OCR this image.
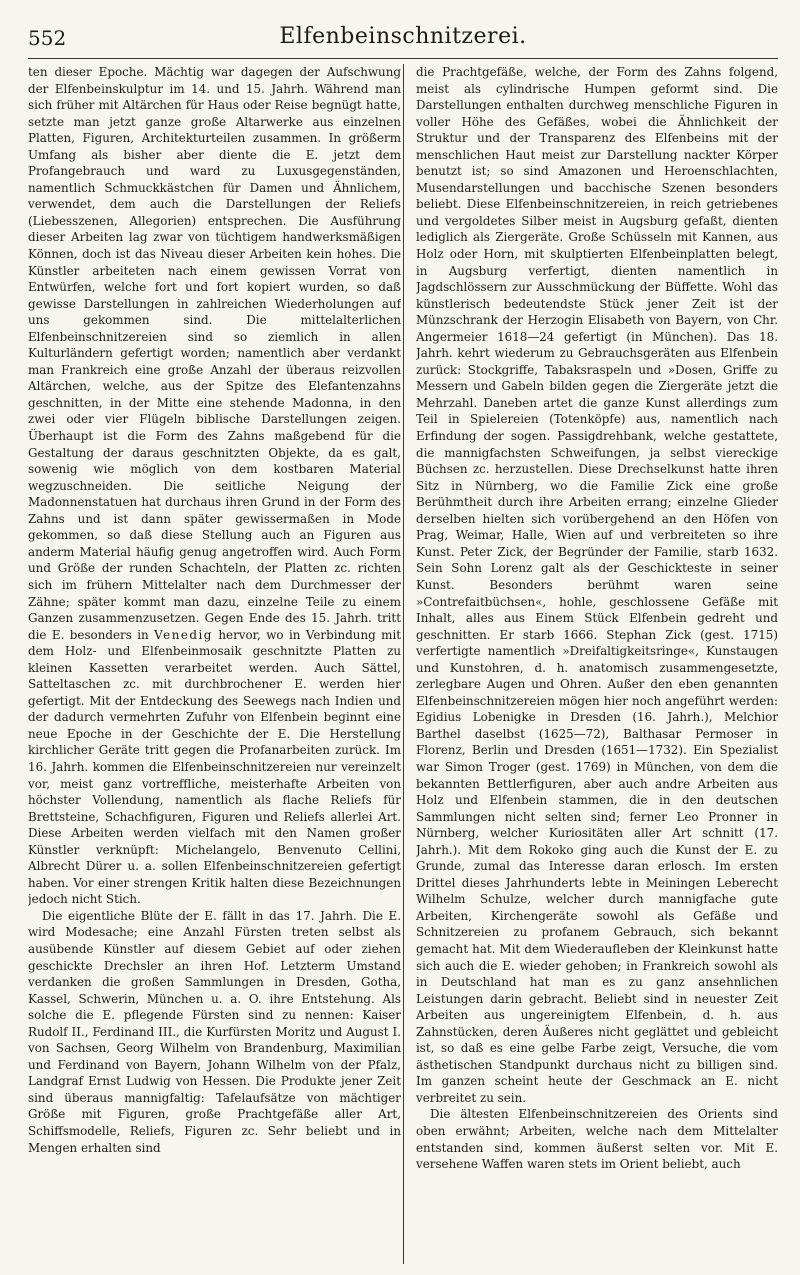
552	Elfenbeinschnitzerei.

ten dieser Epoche. Mächtig war dagegen der Aufschwung der Elfenbeinskulptur im 14. und 15. Jahrh. Während man sich früher mit Altärchen für Haus oder Reise begnügt hatte, setzte man jetzt ganze große Altarwerke aus einzelnen Platten, Figuren, Architekturteilen zusammen. In größerm Umfang als bisher aber diente die E. jetzt dem Profangebrauch und ward zu Luxusgegenständen, namentlich Schmuckkästchen für Damen und Ähnlichem, verwendet, dem auch die Darstellungen der Reliefs (Liebesszenen, Allegorien) entsprechen. Die Ausführung dieser Arbeiten lag zwar von tüchtigem handwerksmäßigen Können, doch ist das Niveau dieser Arbeiten kein hohes. Die Künstler arbeiteten nach einem gewissen Vorrat von Entwürfen, welche fort und fort kopiert wurden, so daß gewisse Darstellungen in zahlreichen Wiederholungen auf uns gekommen sind. Die mittelalterlichen Elfenbeinschnitzereien sind so ziemlich in allen Kulturländern gefertigt worden; namentlich aber verdankt man Frankreich eine große Anzahl der überaus reizvollen Altärchen, welche, aus der Spitze des Elefantenzahns geschnitten, in der Mitte eine stehende Madonna, in den zwei oder vier Flügeln biblische Darstellungen zeigen. Überhaupt ist die Form des Zahns maßgebend für die Gestaltung der daraus geschnitzten Objekte, da es galt, sowenig wie möglich von dem kostbaren Material wegzuschneiden. Die seitliche Neigung der Madonnenstatuen hat durchaus ihren Grund in der Form des Zahns und ist dann später gewissermaßen in Mode gekommen, so daß diese Stellung auch an Figuren aus anderm Material häufig genug angetroffen wird. Auch Form und Größe der runden Schachteln, der Platten zc. richten sich im frühern Mittelalter nach dem Durchmesser der Zähne; später kommt man dazu, einzelne Teile zu einem Ganzen zusammenzusetzen. Gegen Ende des 15. Jahrh. tritt die E. besonders in Venedig hervor, wo in Verbindung mit dem Holz- und Elfenbeinmosaik geschnitzte Platten zu kleinen Kassetten verarbeitet werden. Auch Sättel, Satteltaschen zc. mit durchbrochener E. werden hier gefertigt. Mit der Entdeckung des Seewegs nach Indien und der dadurch vermehrten Zufuhr von Elfenbein beginnt eine neue Epoche in der Geschichte der E. Die Herstellung kirchlicher Geräte tritt gegen die Profanarbeiten zurück. Im 16. Jahrh. kommen die Elfenbeinschnitzereien nur vereinzelt vor, meist ganz vortreffliche, meisterhafte Arbeiten von höchster Vollendung, namentlich als flache Reliefs für Brettsteine, Schachfiguren, Figuren und Reliefs allerlei Art. Diese Arbeiten werden vielfach mit den Namen großer Künstler verknüpft: Michelangelo, Benvenuto Cellini, Albrecht Dürer u. a. sollen Elfenbeinschnitzereien gefertigt haben. Vor einer strengen Kritik halten diese Bezeichnungen jedoch nicht Stich.

Die eigentliche Blüte der E. fällt in das 17. Jahrh. Die E. wird Modesache; eine Anzahl Fürsten treten selbst als ausübende Künstler auf diesem Gebiet auf oder ziehen geschickte Drechsler an ihren Hof. Letzterm Umstand verdanken die großen Sammlungen in Dresden, Gotha, Kassel, Schwerin, München u. a. O. ihre Entstehung. Als solche die E. pflegende Fürsten sind zu nennen: Kaiser Rudolf II., Ferdinand III., die Kurfürsten Moritz und August I. von Sachsen, Georg Wilhelm von Brandenburg, Maximilian und Ferdinand von Bayern, Johann Wilhelm von der Pfalz, Landgraf Ernst Ludwig von Hessen. Die Produkte jener Zeit sind überaus mannigfaltig: Tafelaufsätze von mächtiger Größe mit Figuren, große Prachtgefäße aller Art, Schiffsmodelle, Reliefs, Figuren zc. Sehr beliebt und in Mengen erhalten sind

die Prachtgefäße, welche, der Form des Zahns folgend, meist als cylindrische Humpen geformt sind. Die Darstellungen enthalten durchweg menschliche Figuren in voller Höhe des Gefäßes, wobei die Ähnlichkeit der Struktur und der Transparenz des Elfenbeins mit der menschlichen Haut meist zur Darstellung nackter Körper benutzt ist; so sind Amazonen und Heroenschlachten, Musendarstellungen und bacchische Szenen besonders beliebt. Diese Elfenbeinschnitzereien, in reich getriebenes und vergoldetes Silber meist in Augsburg gefaßt, dienten lediglich als Ziergeräte. Große Schüsseln mit Kannen, aus Holz oder Horn, mit skulptierten Elfenbeinplatten belegt, in Augsburg verfertigt, dienten namentlich in Jagdschlössern zur Ausschmückung der Büffette. Wohl das künstlerisch bedeutendste Stück jener Zeit ist der Münzschrank der Herzogin Elisabeth von Bayern, von Chr. Angermeier 1618—24 gefertigt (in München). Das 18. Jahrh. kehrt wiederum zu Gebrauchsgeräten aus Elfenbein zurück: Stockgriffe, Tabaksraspeln und »Dosen, Griffe zu Messern und Gabeln bilden gegen die Ziergeräte jetzt die Mehrzahl. Daneben artet die ganze Kunst allerdings zum Teil in Spielereien (Totenköpfe) aus, namentlich nach Erfindung der sogen. Passigdrehbank, welche gestattete, die mannigfachsten Schweifungen, ja selbst viereckige Büchsen zc. herzustellen. Diese Drechselkunst hatte ihren Sitz in Nürnberg, wo die Familie Zick eine große Berühmtheit durch ihre Arbeiten errang; einzelne Glieder derselben hielten sich vorübergehend an den Höfen von Prag, Weimar, Halle, Wien auf und verbreiteten so ihre Kunst. Peter Zick, der Begründer der Familie, starb 1632. Sein Sohn Lorenz galt als der Geschickteste in seiner Kunst. Besonders berühmt waren seine »Contrefaitbüchsen«, hohle, geschlossene Gefäße mit Inhalt, alles aus Einem Stück Elfenbein gedreht und geschnitten. Er starb 1666. Stephan Zick (gest. 1715) verfertigte namentlich »Dreifaltigkeitsringe«, Kunstaugen und Kunstohren, d. h. anatomisch zusammengesetzte, zerlegbare Augen und Ohren. Außer den eben genannten Elfenbeinschnitzereien mögen hier noch angeführt werden: Egidius Lobenigke in Dresden (16. Jahrh.), Melchior Barthel daselbst (1625—72), Balthasar Permoser in Florenz, Berlin und Dresden (1651—1732). Ein Spezialist war Simon Troger (gest. 1769) in München, von dem die bekannten Bettlerfiguren, aber auch andre Arbeiten aus Holz und Elfenbein stammen, die in den deutschen Sammlungen nicht selten sind; ferner Leo Pronner in Nürnberg, welcher Kuriositäten aller Art schnitt (17. Jahrh.). Mit dem Rokoko ging auch die Kunst der E. zu Grunde, zumal das Interesse daran erlosch. Im ersten Drittel dieses Jahrhunderts lebte in Meiningen Leberecht Wilhelm Schulze, welcher durch mannigfache gute Arbeiten, Kirchengeräte sowohl als Gefäße und Schnitzereien zu profanem Gebrauch, sich bekannt gemacht hat. Mit dem Wiederaufleben der Kleinkunst hatte sich auch die E. wieder gehoben; in Frankreich sowohl als in Deutschland hat man es zu ganz ansehnlichen Leistungen darin gebracht. Beliebt sind in neuester Zeit Arbeiten aus ungereinigtem Elfenbein, d. h. aus Zahnstücken, deren Äußeres nicht geglättet und gebleicht ist, so daß es eine gelbe Farbe zeigt, Versuche, die vom ästhetischen Standpunkt durchaus nicht zu billigen sind. Im ganzen scheint heute der Geschmack an E. nicht verbreitet zu sein.

Die ältesten Elfenbeinschnitzereien des Orients sind oben erwähnt; Arbeiten, welche nach dem Mittelalter entstanden sind, kommen äußerst selten vor. Mit E. versehene Waffen waren stets im Orient beliebt, auch
